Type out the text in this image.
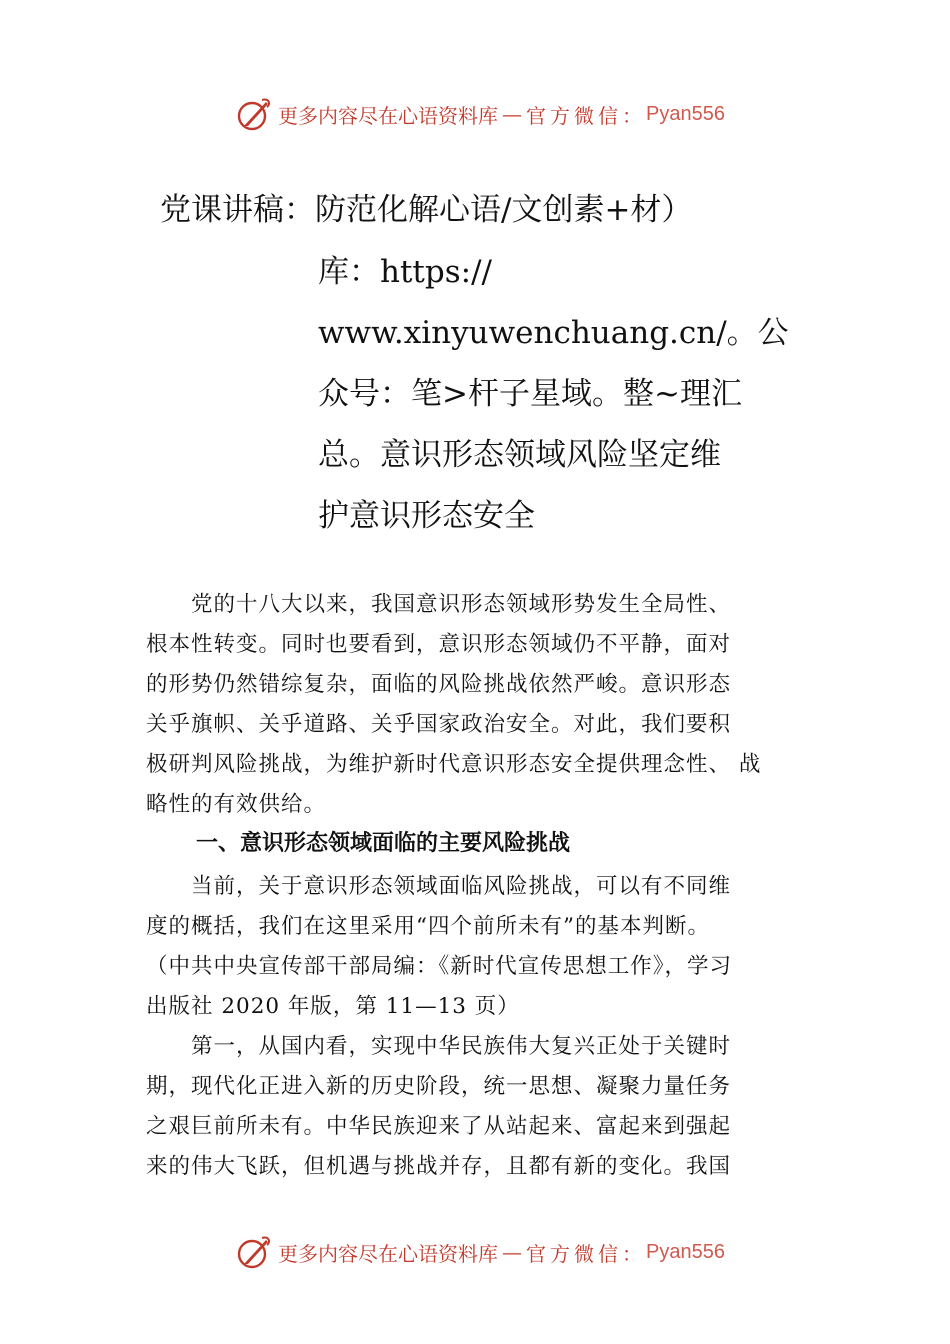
更多内容尽在心语资料库 — 官方微信： Pyan556
党课讲稿：防范化解心语/文创素+材）
库：https://
www.xinyuwenchuang.cn/。公
众号：笔>杆子星域。整~理汇
总。意识形态领域风险坚定维
护意识形态安全
　　党的十八大以来，我国意识形态领域形势发生全局性、
根本性转变。同时也要看到，意识形态领域仍不平静，面对
的形势仍然错综复杂，面临的风险挑战依然严峻。意识形态
关乎旗帜、关乎道路、关乎国家政治安全。对此，我们要积
极研判风险挑战，为维护新时代意识形态安全提供理念性、 战
略性的有效供给。
一、意识形态领域面临的主要风险挑战
　　当前，关于意识形态领域面临风险挑战，可以有不同维
度的概括，我们在这里采用“四个前所未有”的基本判断。
（中共中央宣传部干部局编：《新时代宣传思想工作》，学习
出版社 2020 年版，第 11—13 页）
　　第一，从国内看，实现中华民族伟大复兴正处于关键时
期，现代化正进入新的历史阶段，统一思想、凝聚力量任务
之艰巨前所未有。中华民族迎来了从站起来、富起来到强起
来的伟大飞跃，但机遇与挑战并存，且都有新的变化。我国
更多内容尽在心语资料库 — 官方微信： Pyan556
